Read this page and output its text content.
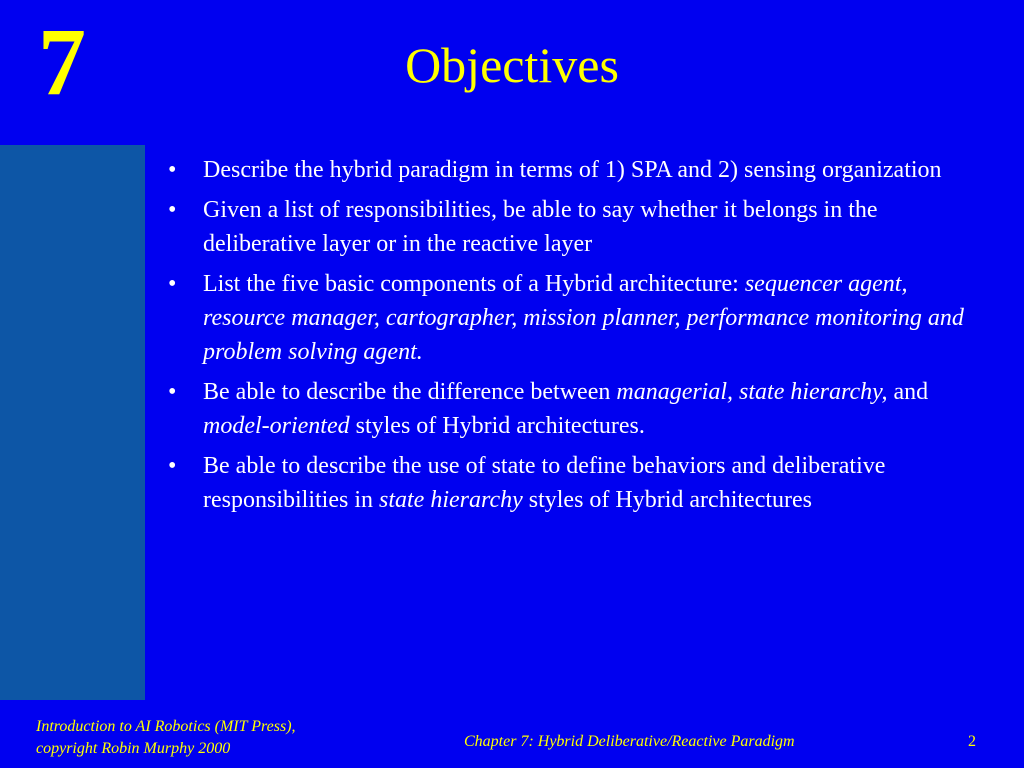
7	Objectives
• Describe the hybrid paradigm in terms of 1) SPA and 2) sensing organization
• Given a list of responsibilities, be able to say whether it belongs in the deliberative layer or in the reactive layer
• List the five basic components of a Hybrid architecture: sequencer agent, resource manager, cartographer, mission planner, performance monitoring and problem solving agent.
• Be able to describe the difference between managerial, state hierarchy, and model-oriented styles of Hybrid architectures.
• Be able to describe the use of state to define behaviors and deliberative responsibilities in state hierarchy styles of Hybrid architectures
Introduction to AI Robotics (MIT Press),
copyright Robin Murphy 2000	Chapter 7: Hybrid Deliberative/Reactive Paradigm	2
